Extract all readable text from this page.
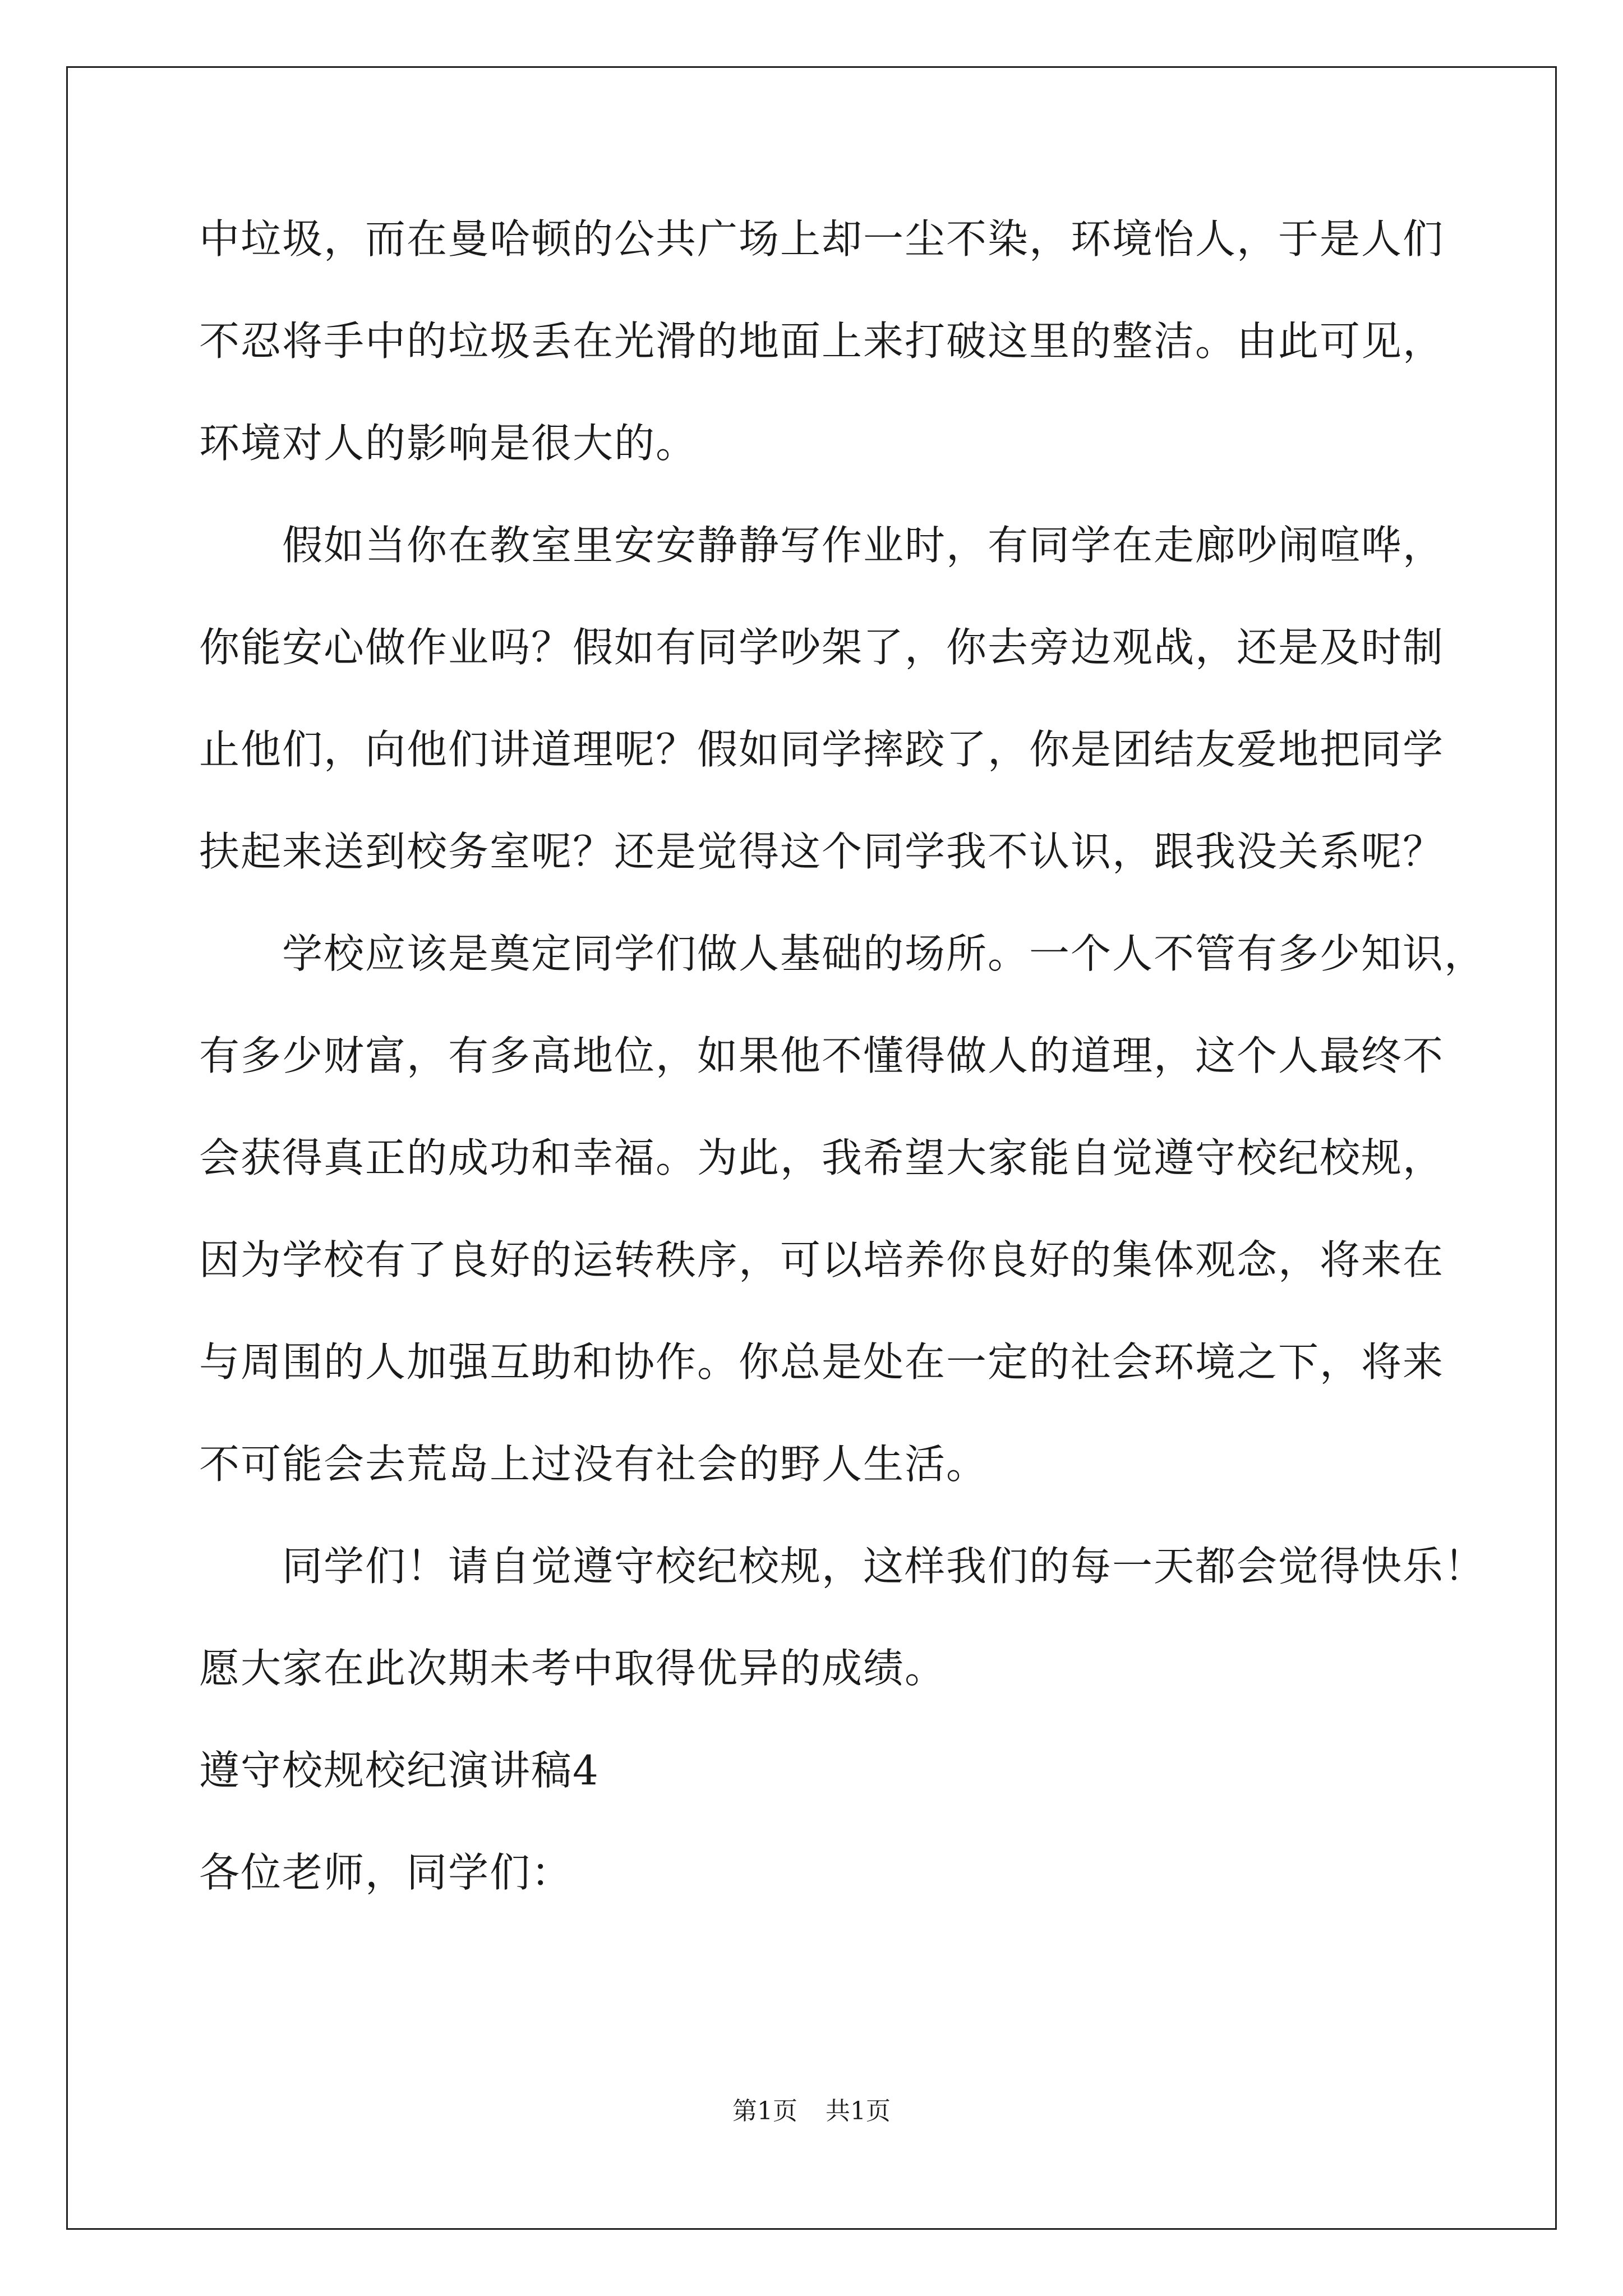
中垃圾，而在曼哈顿的公共广场上却一尘不染，环境怡人，于是人们
不忍将手中的垃圾丢在光滑的地面上来打破这里的整洁。由此可见，
环境对人的影响是很大的。
　　假如当你在教室里安安静静写作业时，有同学在走廊吵闹喧哗，
你能安心做作业吗？假如有同学吵架了，你去旁边观战，还是及时制
止他们，向他们讲道理呢？假如同学摔跤了，你是团结友爱地把同学
扶起来送到校务室呢？还是觉得这个同学我不认识，跟我没关系呢？
　　学校应该是奠定同学们做人基础的场所。一个人不管有多少知识，
有多少财富，有多高地位，如果他不懂得做人的道理，这个人最终不
会获得真正的成功和幸福。为此，我希望大家能自觉遵守校纪校规，
因为学校有了良好的运转秩序，可以培养你良好的集体观念，将来在
与周围的人加强互助和协作。你总是处在一定的社会环境之下，将来
不可能会去荒岛上过没有社会的野人生活。
　　同学们！请自觉遵守校纪校规，这样我们的每一天都会觉得快乐！
愿大家在此次期未考中取得优异的成绩。
遵守校规校纪演讲稿4
各位老师，同学们：
第1页 共1页
